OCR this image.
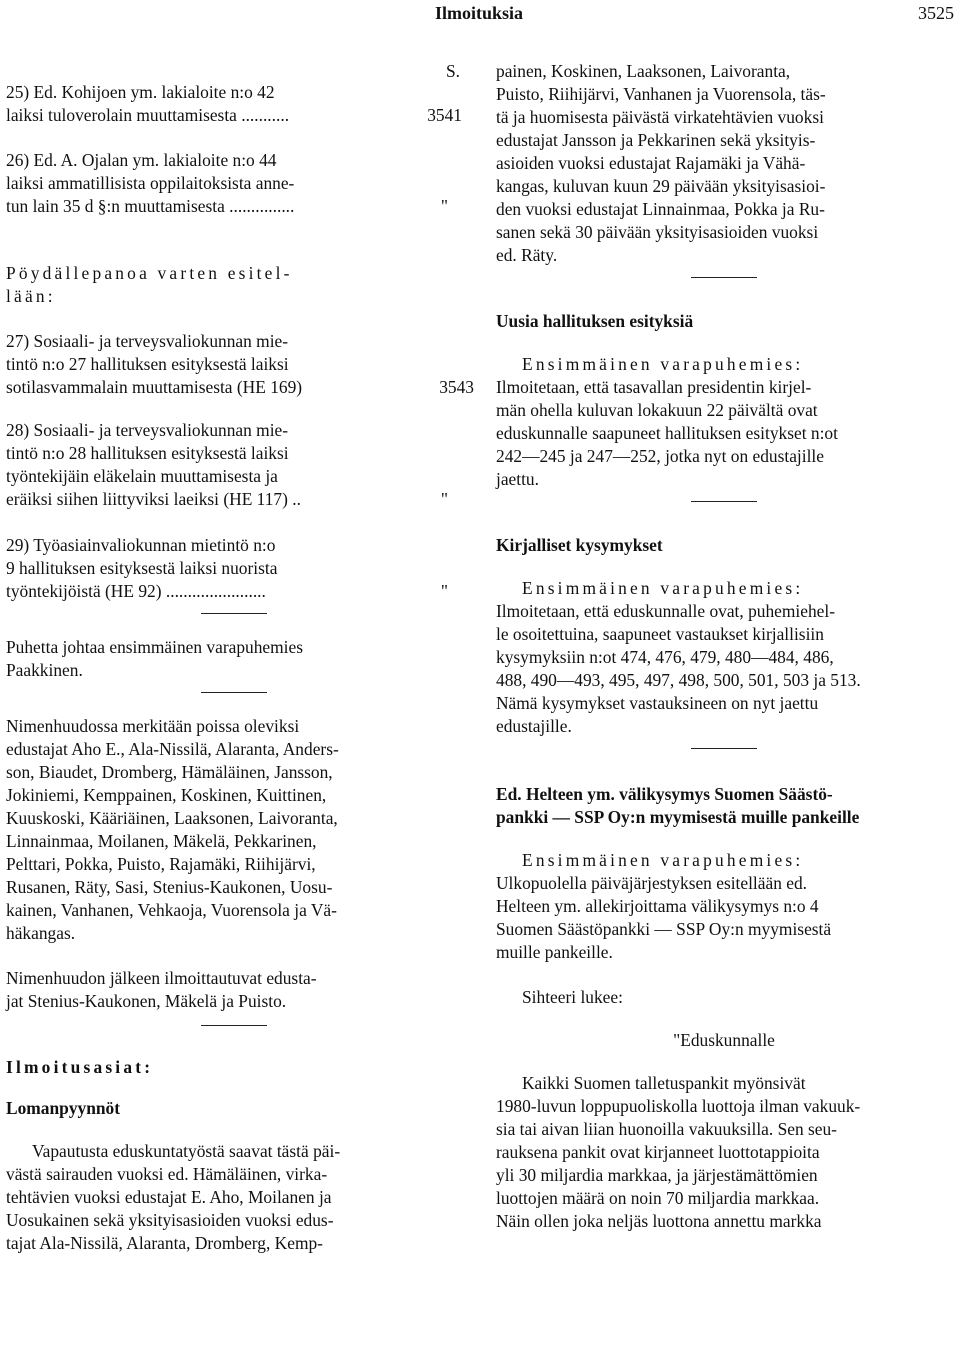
Ilmoituksia	3525
S.
25) Ed. Kohijoen ym. lakialoite n:o 42
laiksi tuloverolain muuttamisesta ...........	3541
26) Ed. A. Ojalan ym. lakialoite n:o 44
laiksi ammatillisista oppilaitoksista anne-
tun lain 35 d §:n muuttamisesta ...............	"
Pöydällepanoa varten esitel-
lään:
27) Sosiaali- ja terveysvaliokunnan mie-
tintö n:o 27 hallituksen esityksestä laiksi
sotilasvammalain muuttamisesta (HE 169)	3543
28) Sosiaali- ja terveysvaliokunnan mie-
tintö n:o 28 hallituksen esityksestä laiksi
työntekijäin eläkelain muuttamisesta ja
eräiksi siihen liittyviksi laeiksi (HE 117) ..	"
29) Työasiainvaliokunnan mietintö n:o
9 hallituksen esityksestä laiksi nuorista
työntekijöistä (HE 92) .......................	"
Puhetta johtaa ensimmäinen varapuhemies
Paakkinen.
Nimenhuudossa merkitään poissa oleviksi
edustajat Aho E., Ala-Nissilä, Alaranta, Anders-
son, Biaudet, Dromberg, Hämäläinen, Jansson,
Jokiniemi, Kemppainen, Koskinen, Kuittinen,
Kuuskoski, Kääriäinen, Laaksonen, Laivoranta,
Linnainmaa, Moilanen, Mäkelä, Pekkarinen,
Pelttari, Pokka, Puisto, Rajamäki, Riihijärvi,
Rusanen, Räty, Sasi, Stenius-Kaukonen, Uosu-
kainen, Vanhanen, Vehkaoja, Vuorensola ja Vä-
häkangas.
Nimenhuudon jälkeen ilmoittautuvat edusta-
jat Stenius-Kaukonen, Mäkelä ja Puisto.
Ilmoitusasiat:
Lomanpyynnöt
Vapautusta eduskuntatyöstä saavat tästä päi-
västä sairauden vuoksi ed. Hämäläinen, virka-
tehtävien vuoksi edustajat E. Aho, Moilanen ja
Uosukainen sekä yksityisasioiden vuoksi edus-
tajat Ala-Nissilä, Alaranta, Dromberg, Kemp-
painen, Koskinen, Laaksonen, Laivoranta,
Puisto, Riihijärvi, Vanhanen ja Vuorensola, täs-
tä ja huomisesta päivästä virkatehtävien vuoksi
edustajat Jansson ja Pekkarinen sekä yksityis-
asioiden vuoksi edustajat Rajamäki ja Vähä-
kangas, kuluvan kuun 29 päivään yksityisasioi-
den vuoksi edustajat Linnainmaa, Pokka ja Ru-
sanen sekä 30 päivään yksityisasioiden vuoksi
ed. Räty.
Uusia hallituksen esityksiä
Ensimmäinen varapuhemies:
Ilmoitetaan, että tasavallan presidentin kirjel-
män ohella kuluvan lokakuun 22 päivältä ovat
eduskunnalle saapuneet hallituksen esitykset n:ot
242—245 ja 247—252, jotka nyt on edustajille
jaettu.
Kirjalliset kysymykset
Ensimmäinen varapuhemies:
Ilmoitetaan, että eduskunnalle ovat, puhemiehel-
le osoitettuina, saapuneet vastaukset kirjallisiin
kysymyksiin n:ot 474, 476, 479, 480—484, 486,
488, 490—493, 495, 497, 498, 500, 501, 503 ja 513.
Nämä kysymykset vastauksineen on nyt jaettu
edustajille.
Ed. Helteen ym. välikysymys Suomen Säästö-
pankki — SSP Oy:n myymisestä muille pankeille
Ensimmäinen varapuhemies:
Ulkopuolella päiväjärjestyksen esitellään ed.
Helteen ym. allekirjoittama välikysymys n:o 4
Suomen Säästöpankki — SSP Oy:n myymisestä
muille pankeille.
Sihteeri lukee:
"Eduskunnalle
Kaikki Suomen talletuspankit myönsivät
1980-luvun loppupuoliskolla luottoja ilman vakuuk-
sia tai aivan liian huonoilla vakuuksilla. Sen seu-
rauksena pankit ovat kirjanneet luottotappioita
yli 30 miljardia markkaa, ja järjestämättömien
luottojen määrä on noin 70 miljardia markkaa.
Näin ollen joka neljäs luottona annettu markka
